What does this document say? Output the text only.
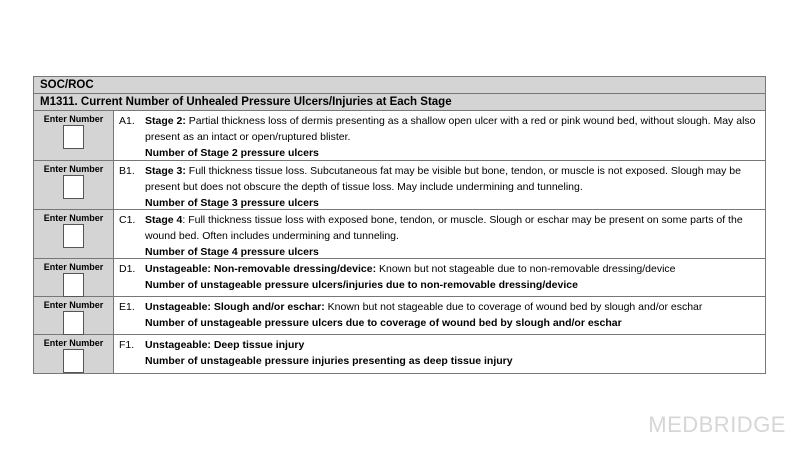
SOC/ROC
M1311. Current Number of Unhealed Pressure Ulcers/Injuries at Each Stage
Enter Number	A1. Stage 2: Partial thickness loss of dermis presenting as a shallow open ulcer with a red or pink wound bed, without slough. May also present as an intact or open/ruptured blister.
Number of Stage 2 pressure ulcers
Enter Number	B1. Stage 3: Full thickness tissue loss. Subcutaneous fat may be visible but bone, tendon, or muscle is not exposed. Slough may be present but does not obscure the depth of tissue loss. May include undermining and tunneling.
Number of Stage 3 pressure ulcers
Enter Number	C1. Stage 4: Full thickness tissue loss with exposed bone, tendon, or muscle. Slough or eschar may be present on some parts of the wound bed. Often includes undermining and tunneling.
Number of Stage 4 pressure ulcers
Enter Number	D1. Unstageable: Non-removable dressing/device: Known but not stageable due to non-removable dressing/device
Number of unstageable pressure ulcers/injuries due to non-removable dressing/device
Enter Number	E1. Unstageable: Slough and/or eschar: Known but not stageable due to coverage of wound bed by slough and/or eschar
Number of unstageable pressure ulcers due to coverage of wound bed by slough and/or eschar
Enter Number	F1.	Unstageable: Deep tissue injury
Number of unstageable pressure injuries presenting as deep tissue injury
MEDBRIDGE
